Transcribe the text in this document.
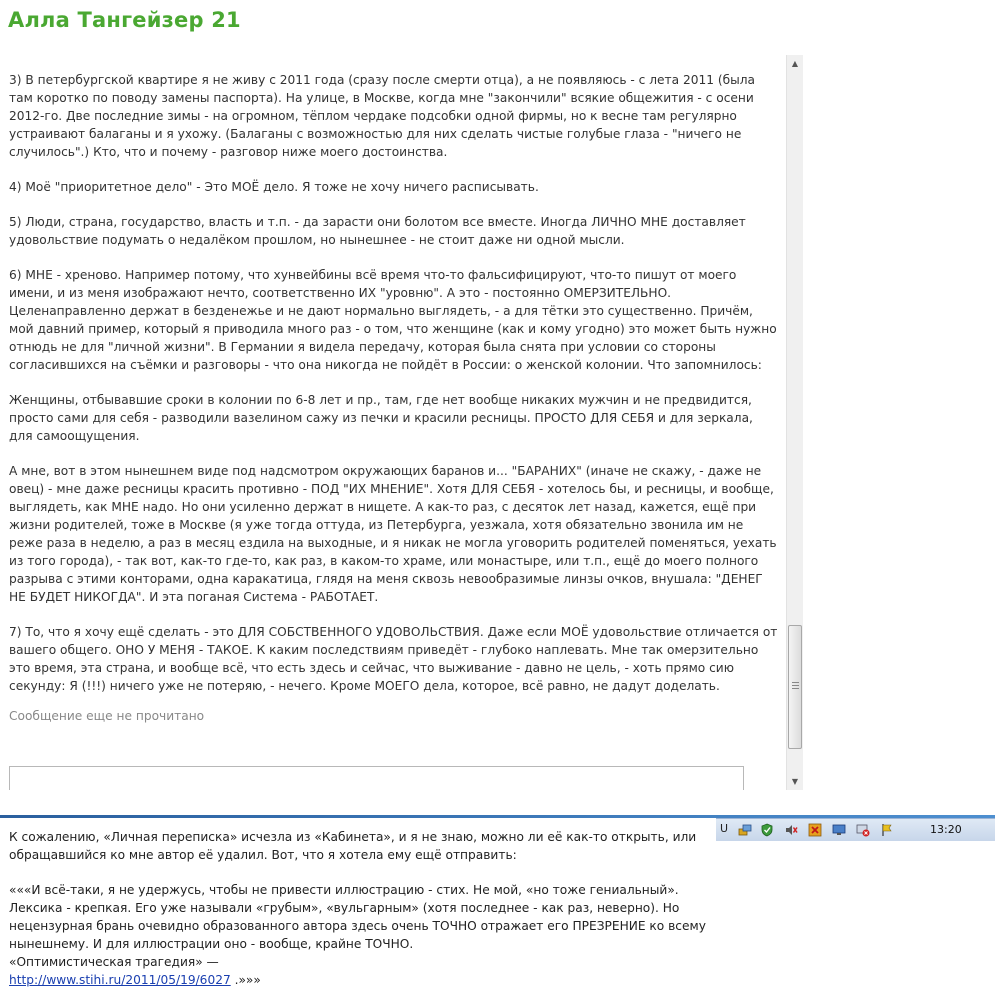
Алла Тангейзер 21

3) В петербургской квартире я не живу с 2011 года (сразу после смерти отца), а не появляюсь - с лета 2011 (была там коротко по поводу замены паспорта). На улице, в Москве, когда мне "закончили" всякие общежития - с осени 2012-го. Две последние зимы - на огромном, тёплом чердаке подсобки одной фирмы, но к весне там регулярно устраивают балаганы и я ухожу. (Балаганы с возможностью для них сделать чистые голубые глаза - "ничего не случилось".) Кто, что и почему - разговор ниже моего достоинства.

4) Моё "приоритетное дело" - Это МОЁ дело. Я тоже не хочу ничего расписывать.

5) Люди, страна, государство, власть и т.п. - да зарасти они болотом все вместе. Иногда ЛИЧНО МНЕ доставляет удовольствие подумать о недалёком прошлом, но нынешнее - не стоит даже ни одной мысли.

6) МНЕ - хреново. Например потому, что хунвейбины всё время что-то фальсифицируют, что-то пишут от моего имени, и из меня изображают нечто, соответственно ИХ "уровню". А это - постоянно ОМЕРЗИТЕЛЬНО. Целенаправленно держат в безденежье и не дают нормально выглядеть, - а для тётки это существенно. Причём, мой давний пример, который я приводила много раз - о том, что женщине (как и кому угодно) это может быть нужно отнюдь не для "личной жизни". В Германии я видела передачу, которая была снята при условии со стороны согласившихся на съёмки и разговоры - что она никогда не пойдёт в России: о женской колонии. Что запомнилось:

Женщины, отбывавшие сроки в колонии по 6-8 лет и пр., там, где нет вообще никаких мужчин и не предвидится, просто сами для себя - разводили вазелином сажу из печки и красили ресницы. ПРОСТО ДЛЯ СЕБЯ и для зеркала, для самоощущения.

А мне, вот в этом нынешнем виде под надсмотром окружающих баранов и... "БАРАНИХ" (иначе не скажу, - даже не овец) - мне даже ресницы красить противно - ПОД "ИХ МНЕНИЕ". Хотя ДЛЯ СЕБЯ - хотелось бы, и ресницы, и вообще, выглядеть, как МНЕ надо. Но они усиленно держат в нищете. А как-то раз, с десяток лет назад, кажется, ещё при жизни родителей, тоже в Москве (я уже тогда оттуда, из Петербурга, уезжала, хотя обязательно звонила им не реже раза в неделю, а раз в месяц ездила на выходные, и я никак не могла уговорить родителей поменяться, уехать из того города), - так вот, как-то где-то, как раз, в каком-то храме, или монастыре, или т.п., ещё до моего полного разрыва с этими конторами, одна каракатица, глядя на меня сквозь невообразимые линзы очков, внушала: "ДЕНЕГ НЕ БУДЕТ НИКОГДА". И эта поганая Система - РАБОТАЕТ.

7) То, что я хочу ещё сделать - это ДЛЯ СОБСТВЕННОГО УДОВОЛЬСТВИЯ. Даже если МОЁ удовольствие отличается от вашего общего. ОНО У МЕНЯ - ТАКОЕ. К каким последствиям приведёт - глубоко наплевать. Мне так омерзительно это время, эта страна, и вообще всё, что есть здесь и сейчас, что выживание - давно не цель, - хоть прямо сию секунду: Я (!!!) ничего уже не потеряю, - нечего. Кроме МОЕГО дела, которое, всё равно, не дадут доделать.

Сообщение еще не прочитано
▲
▼
U	13:20

К сожалению, «Личная переписка» исчезла из «Кабинета», и я не знаю, можно ли её как-то открыть, или обращавшийся ко мне автор её удалил. Вот, что я хотела ему ещё отправить:

«««И всё-таки, я не удержусь, чтобы не привести иллюстрацию - стих. Не мой, «но тоже гениальный». Лексика - крепкая. Его уже называли «грубым», «вульгарным» (хотя последнее - как раз, неверно). Но нецензурная брань очевидно образованного автора здесь очень ТОЧНО отражает его ПРЕЗРЕНИЕ ко всему нынешнему. И для иллюстрации оно - вообще, крайне ТОЧНО.

«Оптимистическая трагедия» —

http://www.stihi.ru/2011/05/19/6027 .»»»
